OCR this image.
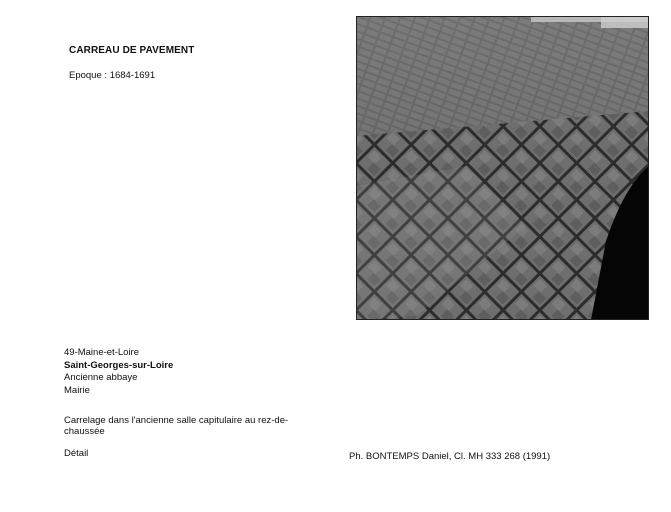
CARREAU DE PAVEMENT
Epoque : 1684-1691
49-Maine-et-Loire
Saint-Georges-sur-Loire
Ancienne abbaye
Mairie
Carrelage dans l'ancienne salle capitulaire au rez-de-chaussée
Détail	Ph. BONTEMPS Daniel, Cl. MH 333 268 (1991)
